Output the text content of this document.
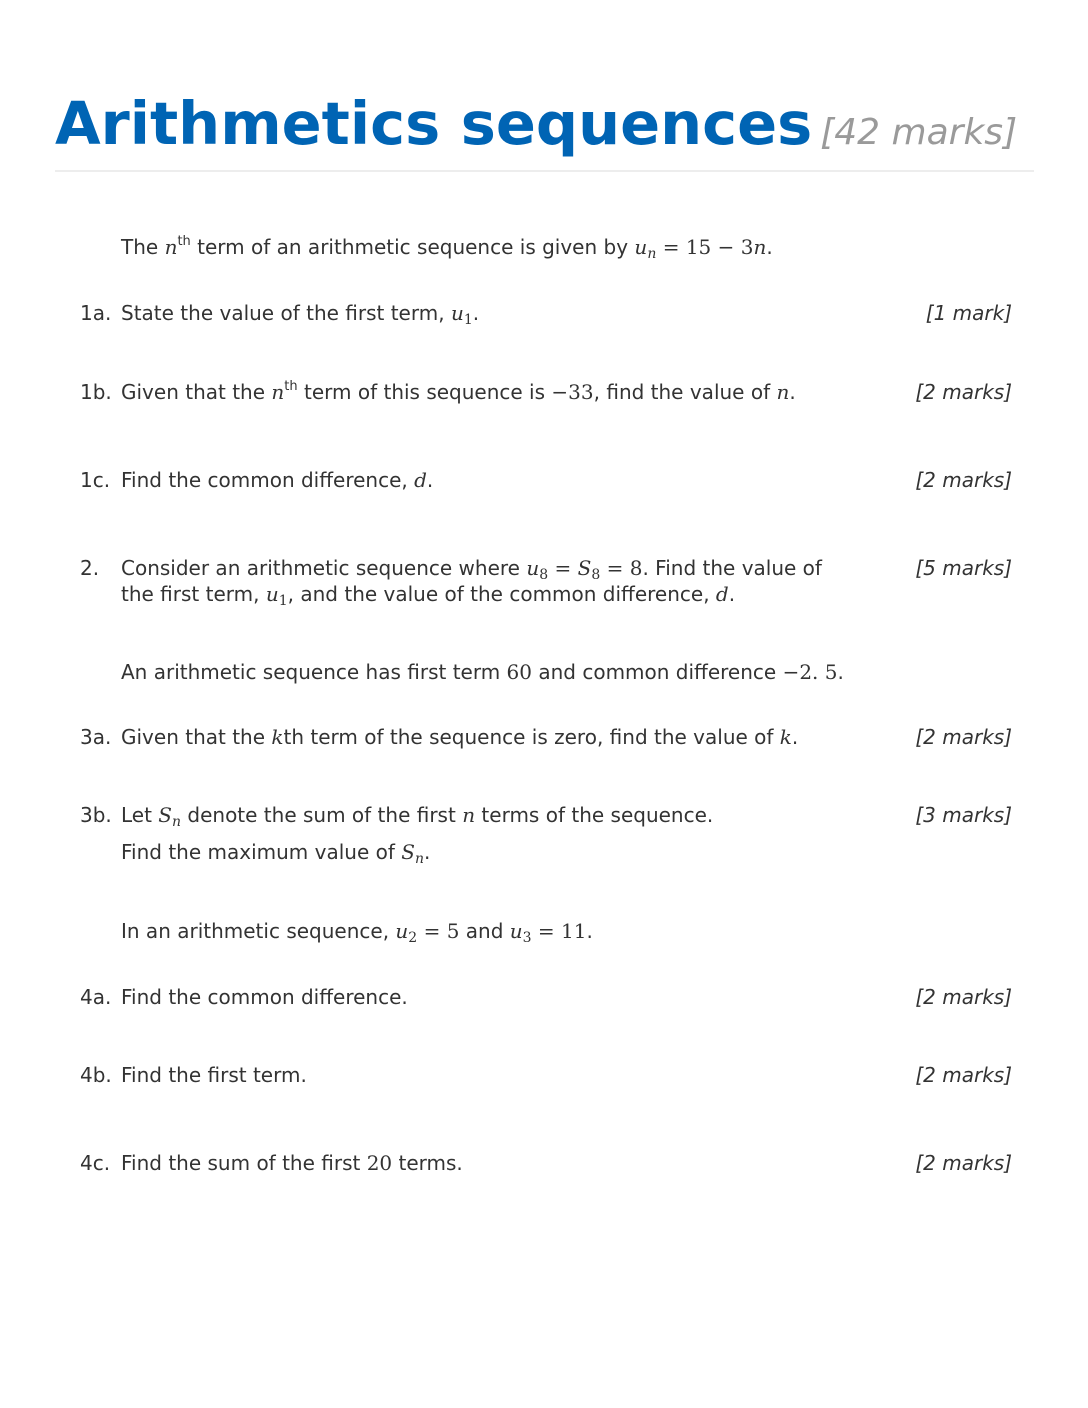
Arithmetics sequences [42 marks]
The $n^{th}$ term of an arithmetic sequence is given by $u_n = 15 - 3n$.
1a. State the value of the first term, $u_1$.	[1 mark]
1b. Given that the $n^{th}$ term of this sequence is −33, find the value of n.	[2 marks]
1c. Find the common difference, d.	[2 marks]
2.	Consider an arithmetic sequence where $u_8 = S_8 = 8$. Find the value of
the first term, $u_1$, and the value of the common difference, d.
[5 marks]
An arithmetic sequence has first term 60 and common difference −2. 5.
3a. Given that the kth term of the sequence is zero, find the value of k.	[2 marks]
3b. Let $S_n$ denote the sum of the first n terms of the sequence.
Find the maximum value of $S_n$.
[3 marks]
In an arithmetic sequence, $u_2 = 5$ and $u_3 = 11$.
4a. Find the common difference.	[2 marks]
4b. Find the first term.	[2 marks]
4c. Find the sum of the first 20 terms.	[2 marks]
